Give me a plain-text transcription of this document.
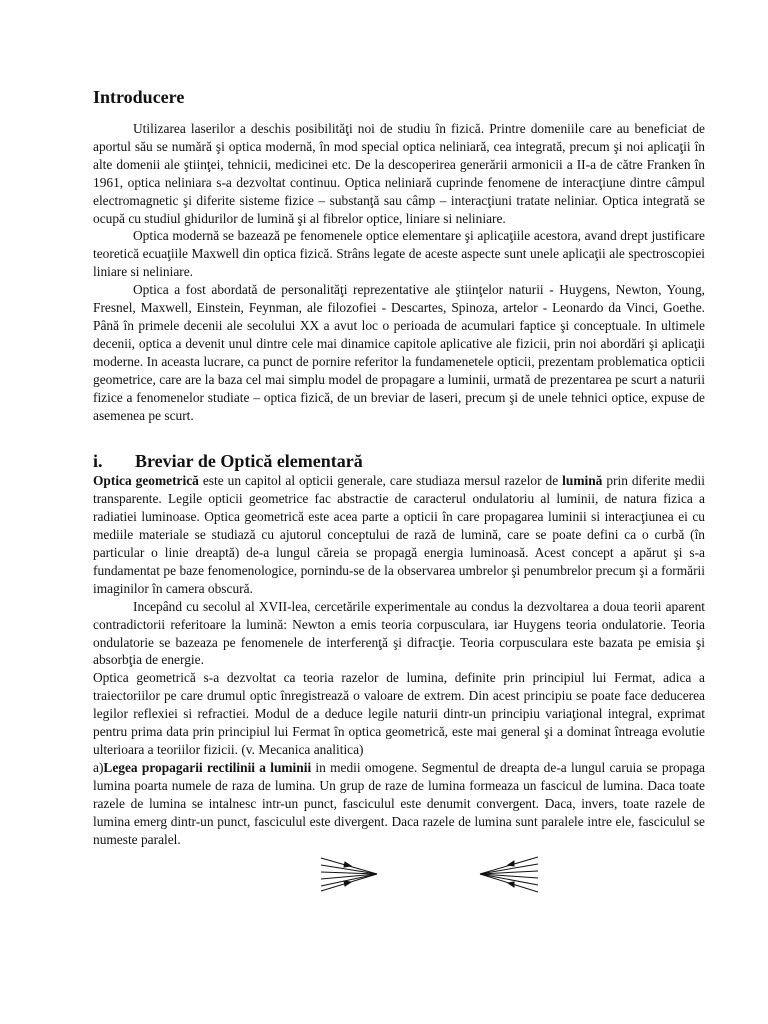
Introducere

Utilizarea laserilor a deschis posibilităţi noi de studiu în fizică. Printre domeniile care au beneficiat de aportul său se numără şi optica modernă, în mod special optica neliniară, cea integrată, precum şi noi aplicaţii în alte domenii ale ştiinţei, tehnicii, medicinei etc. De la descoperirea generării armonicii a II-a de către Franken în 1961, optica neliniara s-a dezvoltat continuu. Optica neliniară cuprinde fenomene de interacţiune dintre câmpul electromagnetic şi diferite sisteme fizice – substanţă sau câmp – interacţiuni tratate neliniar. Optica integrată se ocupă cu studiul ghidurilor de lumină şi al fibrelor optice, liniare si neliniare.

Optica modernă se bazează pe fenomenele optice elementare şi aplicaţiile acestora, avand drept justificare teoretică ecuaţiile Maxwell din optica fizică. Strâns legate de aceste aspecte sunt unele aplicaţii ale spectroscopiei liniare si neliniare.

Optica a fost abordată de personalităţi reprezentative ale ştiinţelor naturii - Huygens, Newton, Young, Fresnel, Maxwell, Einstein, Feynman, ale filozofiei - Descartes, Spinoza, artelor - Leonardo da Vinci, Goethe. Până în primele decenii ale secolului XX a avut loc o perioada de acumulari faptice şi conceptuale. In ultimele decenii, optica a devenit unul dintre cele mai dinamice capitole aplicative ale fizicii, prin noi abordări şi aplicaţii moderne. In aceasta lucrare, ca punct de pornire referitor la fundamenetele opticii, prezentam problematica opticii geometrice, care are la baza cel mai simplu model de propagare a luminii, urmată de prezentarea pe scurt a naturii fizice a fenomenelor studiate – optica fizică, de un breviar de laseri, precum şi de unele tehnici optice, expuse de asemenea pe scurt.

i.	Breviar de Optică elementară

Optica geometrică este un capitol al opticii generale, care studiaza mersul razelor de lumină prin diferite medii transparente. Legile opticii geometrice fac abstractie de caracterul ondulatoriu al luminii, de natura fizica a radiatiei luminoase. Optica geometrică este acea parte a opticii în care propagarea luminii si interacţiunea ei cu mediile materiale se studiază cu ajutorul conceptului de rază de lumină, care se poate defini ca o curbă (în particular o linie dreaptă) de-a lungul căreia se propagă energia luminoasă. Acest concept a apărut şi s-a fundamentat pe baze fenomenologice, pornindu-se de la observarea umbrelor şi penumbrelor precum şi a formării imaginilor în camera obscură.

Incepând cu secolul al XVII-lea, cercetările experimentale au condus la dezvoltarea a doua teorii aparent contradictorii referitoare la lumină: Newton a emis teoria corpusculara, iar Huygens teoria ondulatorie. Teoria ondulatorie se bazeaza pe fenomenele de interferenţă şi difracţie. Teoria corpusculara este bazata pe emisia şi absorbţia de energie.

Optica geometrică s-a dezvoltat ca teoria razelor de lumina, definite prin principiul lui Fermat, adica a traiectoriilor pe care drumul optic înregistrează o valoare de extrem. Din acest principiu se poate face deducerea legilor reflexiei si refractiei. Modul de a deduce legile naturii dintr-un principiu variaţional integral, exprimat pentru prima data prin principiul lui Fermat în optica geometrică, este mai general şi a dominat întreaga evolutie ulterioara a teoriilor fizicii. (v. Mecanica analitica)

a)Legea propagarii rectilinii a luminii in medii omogene. Segmentul de dreapta de-a lungul caruia se propaga lumina poarta numele de raza de lumina. Un grup de raze de lumina formeaza un fascicul de lumina. Daca toate razele de lumina se intalnesc intr-un punct, fasciculul este denumit convergent. Daca, invers, toate razele de lumina emerg dintr-un punct, fasciculul este divergent. Daca razele de lumina sunt paralele intre ele, fasciculul se numeste paralel.
